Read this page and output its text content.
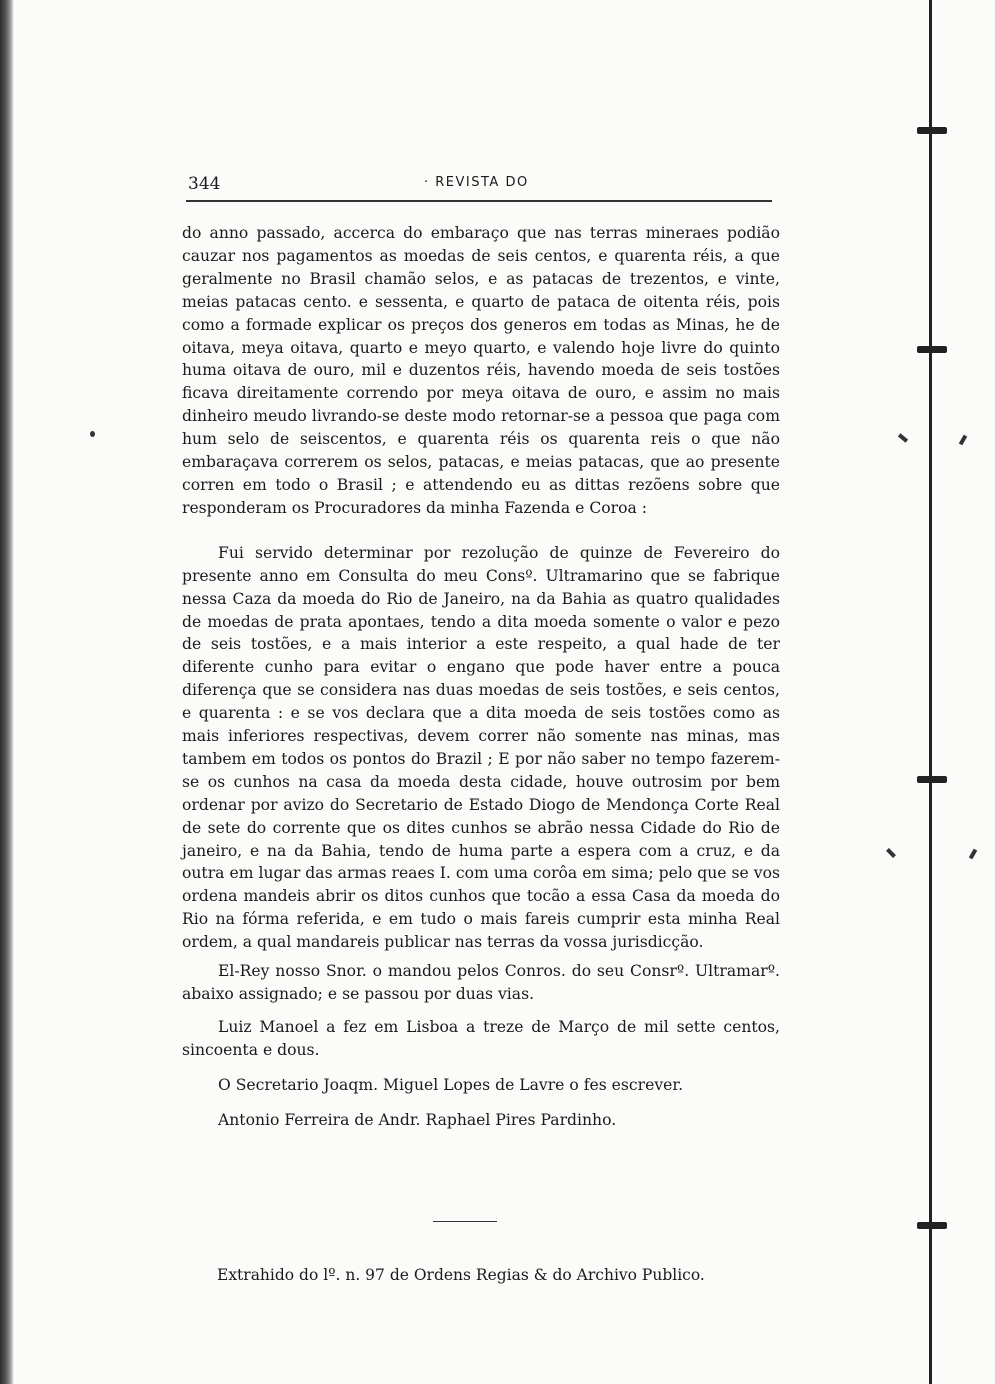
344	· REVISTA DO

do anno passado, accerca do embaraço que nas terras mineraes podião cauzar nos pagamentos as moedas de seis centos, e quarenta réis, a que geralmente no Brasil chamão selos, e as patacas de trezentos, e vinte, meias patacas cento. e sessenta, e quarto de pataca de oitenta réis, pois como a formade explicar os preços dos generos em todas as Minas, he de oitava, meya oitava, quarto e meyo quarto, e valendo hoje livre do quinto huma oitava de ouro, mil e duzentos réis, havendo moeda de seis tostões ficava direitamente correndo por meya oitava de ouro, e assim no mais dinheiro meudo livrando-se deste modo retornar-se a pessoa que paga com hum selo de seiscentos, e quarenta réis os quarenta reis o que não embaraçava correrem os selos, patacas, e meias patacas, que ao presente corren em todo o Brasil ; e attendendo eu as dittas rezõens sobre que responderam os Procuradores da minha Fazenda e Coroa :

Fui servido determinar por rezolução de quinze de Fevereiro do presente anno em Consulta do meu Consº. Ultramarino que se fabrique nessa Caza da moeda do Rio de Janeiro, na da Bahia as quatro qualidades de moedas de prata apontaes, tendo a dita moeda somente o valor e pezo de seis tostões, e a mais interior a este respeito, a qual hade de ter diferente cunho para evitar o engano que pode haver entre a pouca diferença que se considera nas duas moedas de seis tostões, e seis centos, e quarenta : e se vos declara que a dita moeda de seis tostões como as mais inferiores respectivas, devem correr não somente nas minas, mas tambem em todos os pontos do Brazil ; E por não saber no tempo fazerem-se os cunhos na casa da moeda desta cidade, houve outrosim por bem ordenar por avizo do Secretario de Estado Diogo de Mendonça Corte Real de sete do corrente que os dites cunhos se abrão nessa Cidade do Rio de janeiro, e na da Bahia, tendo de huma parte a espera com a cruz, e da outra em lugar das armas reaes I. com uma corôa em sima; pelo que se vos ordena mandeis abrir os ditos cunhos que tocão a essa Casa da moeda do Rio na fórma referida, e em tudo o mais fareis cumprir esta minha Real ordem, a qual mandareis publicar nas terras da vossa jurisdicção.

El-Rey nosso Snor. o mandou pelos Conros. do seu Consrº. Ultramarº. abaixo assignado; e se passou por duas vias.

Luiz Manoel a fez em Lisboa a treze de Março de mil sette centos, sincoenta e dous.

O Secretario Joaqm. Miguel Lopes de Lavre o fes escrever.

Antonio Ferreira de Andr. Raphael Pires Pardinho.

Extrahido do lº. n. 97 de Ordens Regias & do Archivo Publico.
